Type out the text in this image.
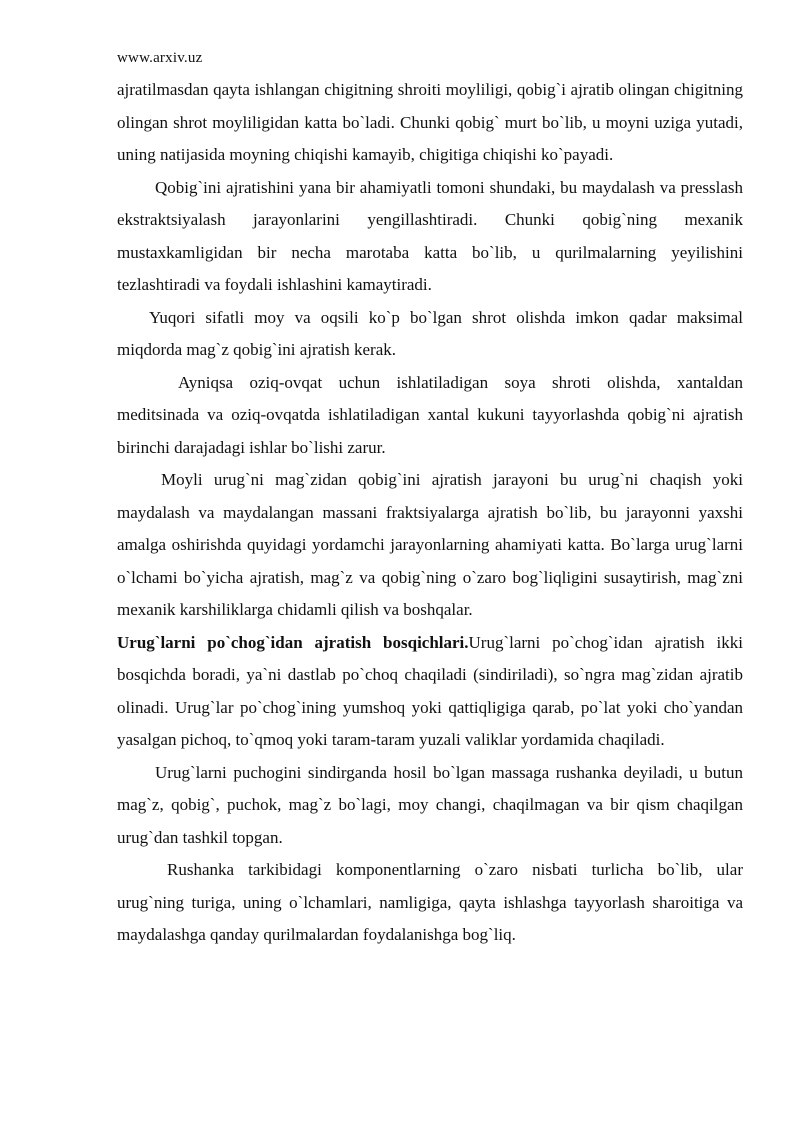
www.arxiv.uz

ajratilmasdan qayta ishlangan chigitning shroiti moyliligi, qobig`i ajratib olingan chigitning olingan shrot moyliligidan katta bo`ladi. Chunki qobig` murt bo`lib, u moyni uziga yutadi, uning natijasida moyning chiqishi kamayib, chigitiga chiqishi ko`payadi.

Qobig`ini ajratishini yana bir ahamiyatli tomoni shundaki, bu maydalash va presslash ekstraktsiyalash jarayonlarini yengillashtiradi. Chunki qobig`ning mexanik mustaxkamligidan bir necha marotaba katta bo`lib, u qurilmalarning yeyilishini tezlashtiradi va foydali ishlashini kamaytiradi.

Yuqori sifatli moy va oqsili ko`p bo`lgan shrot olishda imkon qadar maksimal miqdorda mag`z qobig`ini ajratish kerak.

Ayniqsa oziq-ovqat uchun ishlatiladigan soya shroti olishda, xantaldan meditsinada va oziq-ovqatda ishlatiladigan xantal kukuni tayyorlashda qobig`ni ajratish birinchi darajadagi ishlar bo`lishi zarur.

Moyli urug`ni mag`zidan qobig`ini ajratish jarayoni bu urug`ni chaqish yoki maydalash va maydalangan massani fraktsiyalarga ajratish bo`lib, bu jarayonni yaxshi amalga oshirishda quyidagi yordamchi jarayonlarning ahamiyati katta. Bo`larga urug`larni o`lchami bo`yicha ajratish, mag`z va qobig`ning o`zaro bog`liqligini susaytirish, mag`zni mexanik karshiliklarga chidamli qilish va boshqalar.

Urug`larni po`chog`idan ajratish bosqichlari.Urug`larni po`chog`idan ajratish ikki bosqichda boradi, ya`ni dastlab po`choq chaqiladi (sindiriladi), so`ngra mag`zidan ajratib olinadi. Urug`lar po`chog`ining yumshoq yoki qattiqligiga qarab, po`lat yoki cho`yandan yasalgan pichoq, to`qmoq yoki taram-taram yuzali valiklar yordamida chaqiladi.

Urug`larni puchogini sindirganda hosil bo`lgan massaga rushanka deyiladi, u butun mag`z, qobig`, puchok, mag`z bo`lagi, moy changi, chaqilmagan va bir qism chaqilgan urug`dan tashkil topgan.

Rushanka tarkibidagi komponentlarning o`zaro nisbati turlicha bo`lib, ular urug`ning turiga, uning o`lchamlari, namligiga, qayta ishlashga tayyorlash sharoitiga va maydalashga qanday qurilmalardan foydalanishga bog`liq.
